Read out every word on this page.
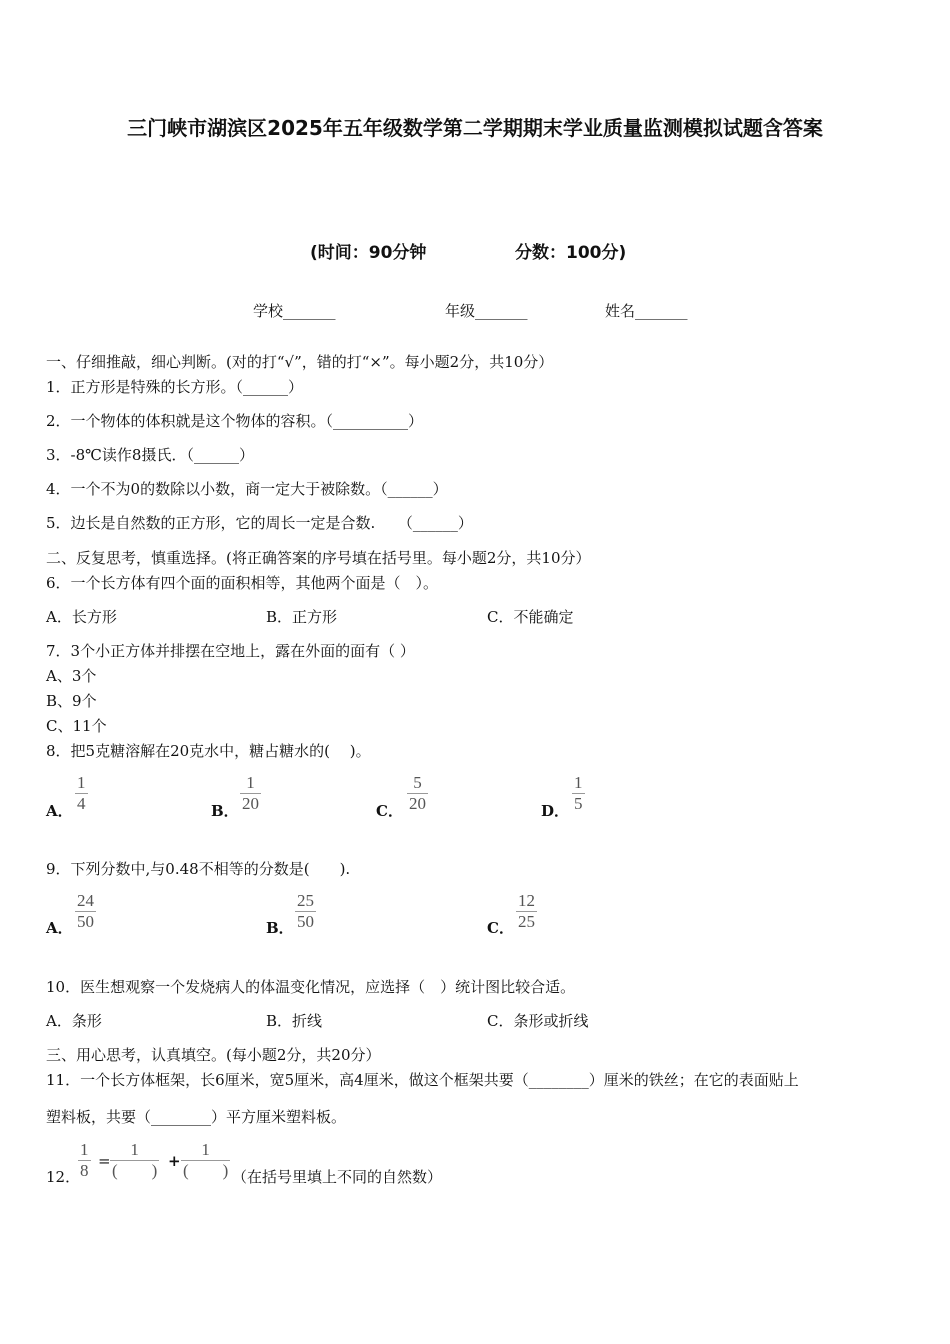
三门峡市湖滨区2025年五年级数学第二学期期末学业质量监测模拟试题含答案
(时间：90分钟	分数：100分)
学校_______	年级_______	姓名_______
一、仔细推敲，细心判断。(对的打“√”，错的打“×”。每小题2分，共10分）
1．正方形是特殊的长方形。（______）
2．一个物体的体积就是这个物体的容积。（__________）
3．-8℃读作8摄氏．（______）
4．一个不为0的数除以小数，商一定大于被除数。（______）
5．边长是自然数的正方形，它的周长一定是合数.　　（______）
二、反复思考，慎重选择。(将正确答案的序号填在括号里。每小题2分，共10分）
6．一个长方体有四个面的面积相等，其他两个面是（　）。
A．长方形	B．正方形	C．不能确定
7．3个小正方体并排摆在空地上，露在外面的面有（ ）
A、3个
B、9个
C、11个
8．把5克糖溶解在20克水中，糖占糖水的(　 )。
A． $\frac{1}{4}$	B． $\frac{1}{20}$	C． $\frac{5}{20}$	D． $\frac{1}{5}$
9．下列分数中,与0.48不相等的分数是(　　).
A． $\frac{24}{50}$	B． $\frac{25}{50}$	C． $\frac{12}{25}$
10．医生想观察一个发烧病人的体温变化情况，应选择（　）统计图比较合适。
A．条形	B．折线	C．条形或折线
三、用心思考，认真填空。(每小题2分，共20分）
11．一个长方体框架，长6厘米，宽5厘米，高4厘米，做这个框架共要（________）厘米的铁丝；在它的表面贴上
塑料板，共要（________）平方厘米塑料板。
12．
$\frac{1}{8}$ =
1
(　　) +
1
(　　) （在括号里填上不同的自然数）
